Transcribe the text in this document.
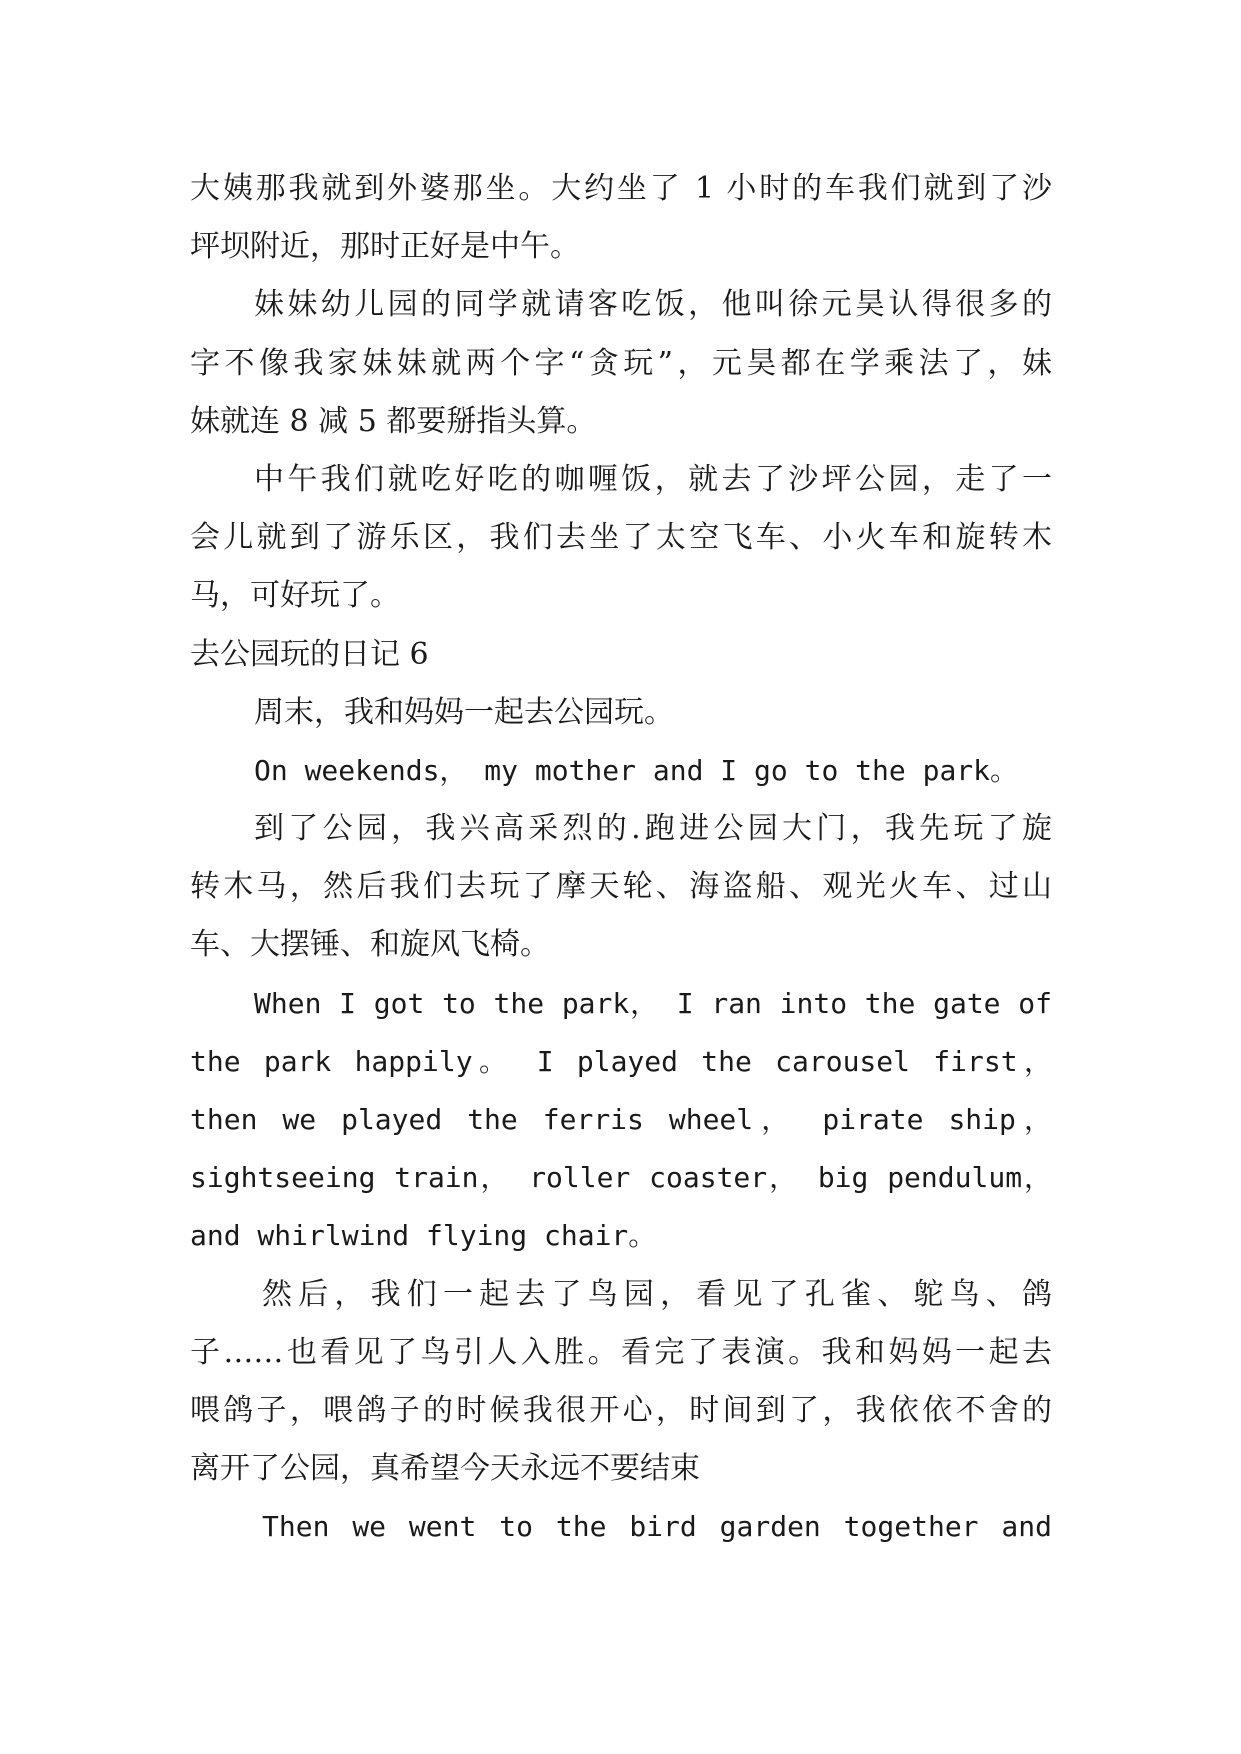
大姨那我就到外婆那坐。大约坐了 1 小时的车我们就到了沙
坪坝附近，那时正好是中午。
妹妹幼儿园的同学就请客吃饭，他叫徐元昊认得很多的
字不像我家妹妹就两个字“贪玩”，元昊都在学乘法了，妹
妹就连 8 减 5 都要掰指头算。
中午我们就吃好吃的咖喱饭，就去了沙坪公园，走了一
会儿就到了游乐区，我们去坐了太空飞车、小火车和旋转木
马，可好玩了。
去公园玩的日记 6
周末，我和妈妈一起去公园玩。
On weekends， my mother and I go to the park。
到了公园，我兴高采烈的.跑进公园大门，我先玩了旋
转木马，然后我们去玩了摩天轮、海盗船、观光火车、过山
车、大摆锤、和旋风飞椅。
When I got to the park， I ran into the gate of
the park happily。 I played the carousel first，
then we played the ferris wheel， pirate ship，
sightseeing train， roller coaster， big pendulum，
and whirlwind flying chair。
然后，我们一起去了鸟园，看见了孔雀、鸵鸟、鸽
子……也看见了鸟引人入胜。看完了表演。我和妈妈一起去
喂鸽子，喂鸽子的时候我很开心，时间到了，我依依不舍的
离开了公园，真希望今天永远不要结束
Then we went to the bird garden together and
